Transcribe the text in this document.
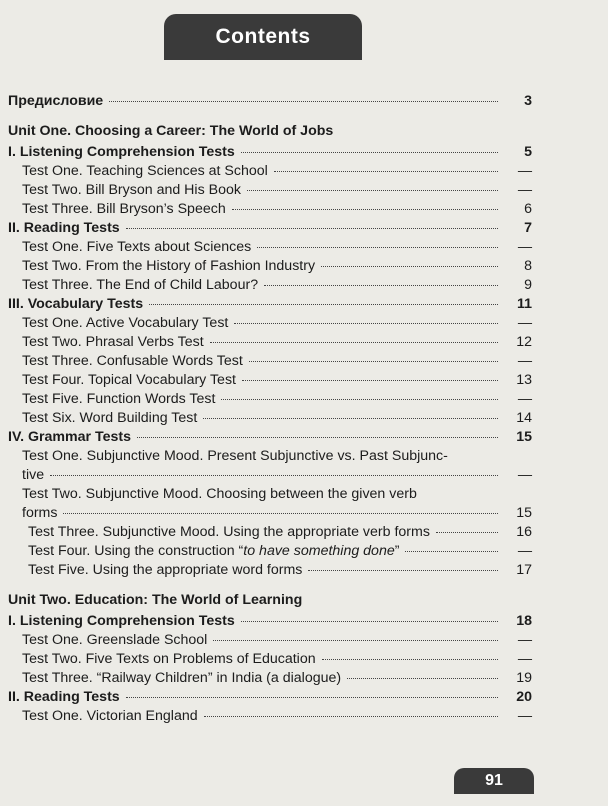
Contents
Предисловие	3
Unit One. Choosing a Career: The World of Jobs
I. Listening Comprehension Tests	5
Test One. Teaching Sciences at School	—
Test Two. Bill Bryson and His Book	—
Test Three. Bill Bryson’s Speech	6
II. Reading Tests	7
Test One. Five Texts about Sciences	—
Test Two. From the History of Fashion Industry	8
Test Three. The End of Child Labour?	9
III. Vocabulary Tests	11
Test One. Active Vocabulary Test	—
Test Two. Phrasal Verbs Test	12
Test Three. Confusable Words Test	—
Test Four. Topical Vocabulary Test	13
Test Five. Function Words Test	—
Test Six. Word Building Test	14
IV. Grammar Tests	15
Test One. Subjunctive Mood. Present Subjunctive vs. Past Subjunc-
tive	—
Test Two. Subjunctive Mood. Choosing between the given verb
forms	15
Test Three. Subjunctive Mood. Using the appropriate verb forms	16
Test Four. Using the construction “to have something done”	—
Test Five. Using the appropriate word forms	17
Unit Two. Education: The World of Learning
I. Listening Comprehension Tests	18
Test One. Greenslade School	—
Test Two. Five Texts on Problems of Education	—
Test Three. “Railway Children” in India (a dialogue)	19
II. Reading Tests	20
Test One. Victorian England	—
91
